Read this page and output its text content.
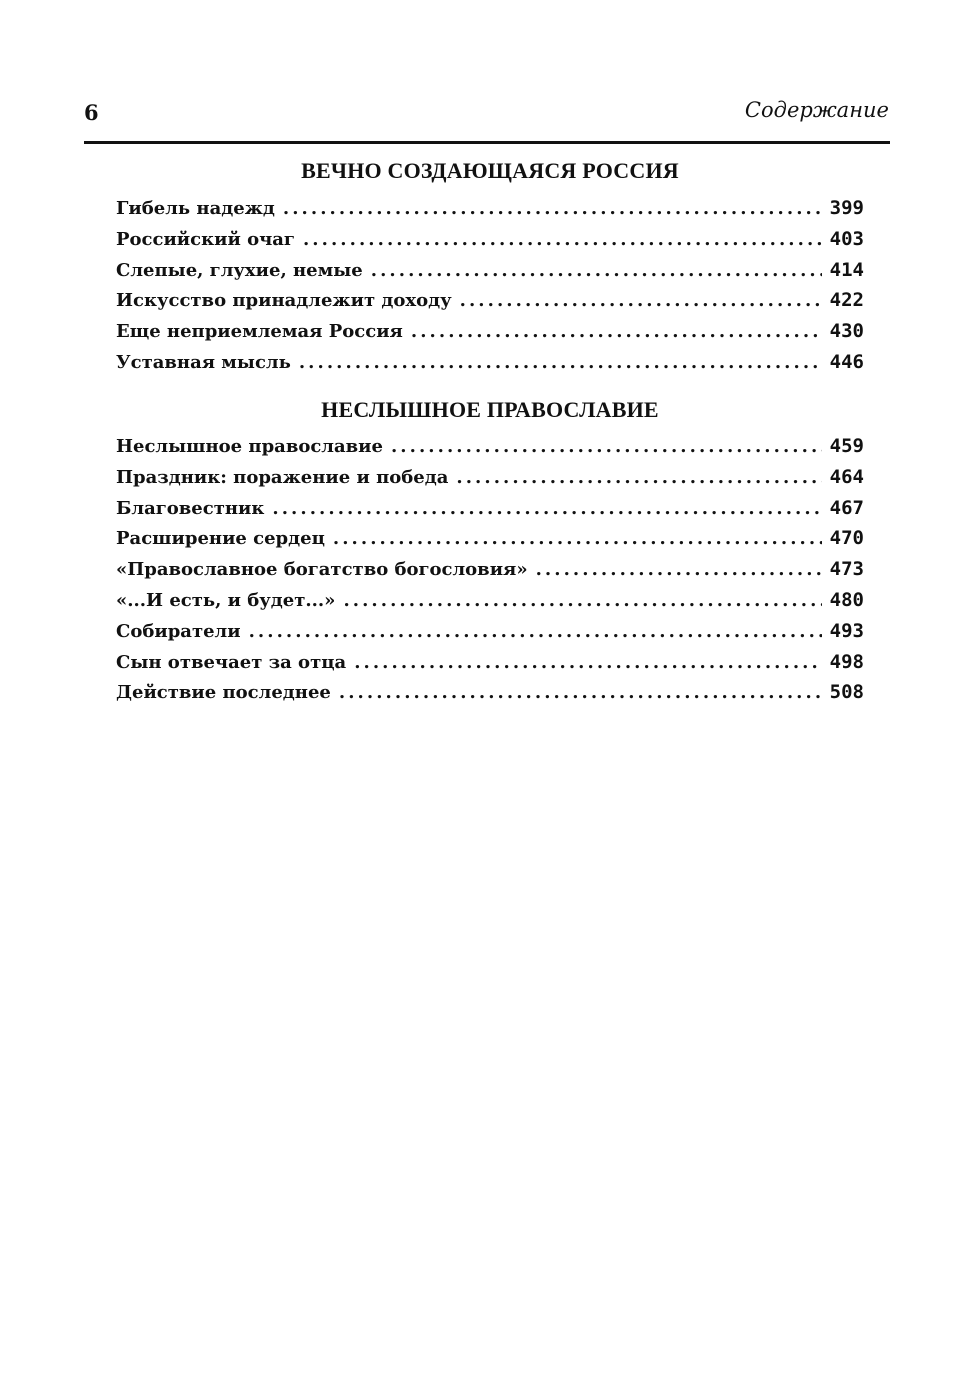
6	Содержание
ВЕЧНО СОЗДАЮЩАЯСЯ РОССИЯ
Гибель надежд . . .	399
Российский очаг . . .	403
Слепые, глухие, немые . . .	414
Искусство принадлежит доходу . . .	422
Еще неприемлемая Россия . . .	430
Уставная мысль . . .	446
НЕСЛЫШНОЕ ПРАВОСЛАВИЕ
Неслышное православие . . .	459
Праздник: поражение и победа . . .	464
Благовестник . . .	467
Расширение сердец . . .	470
«Православное богатство богословия» . . .	473
«...И есть, и будет...» . . .	480
Собиратели . . .	493
Сын отвечает за отца . . .	498
Действие последнее . . .	508
